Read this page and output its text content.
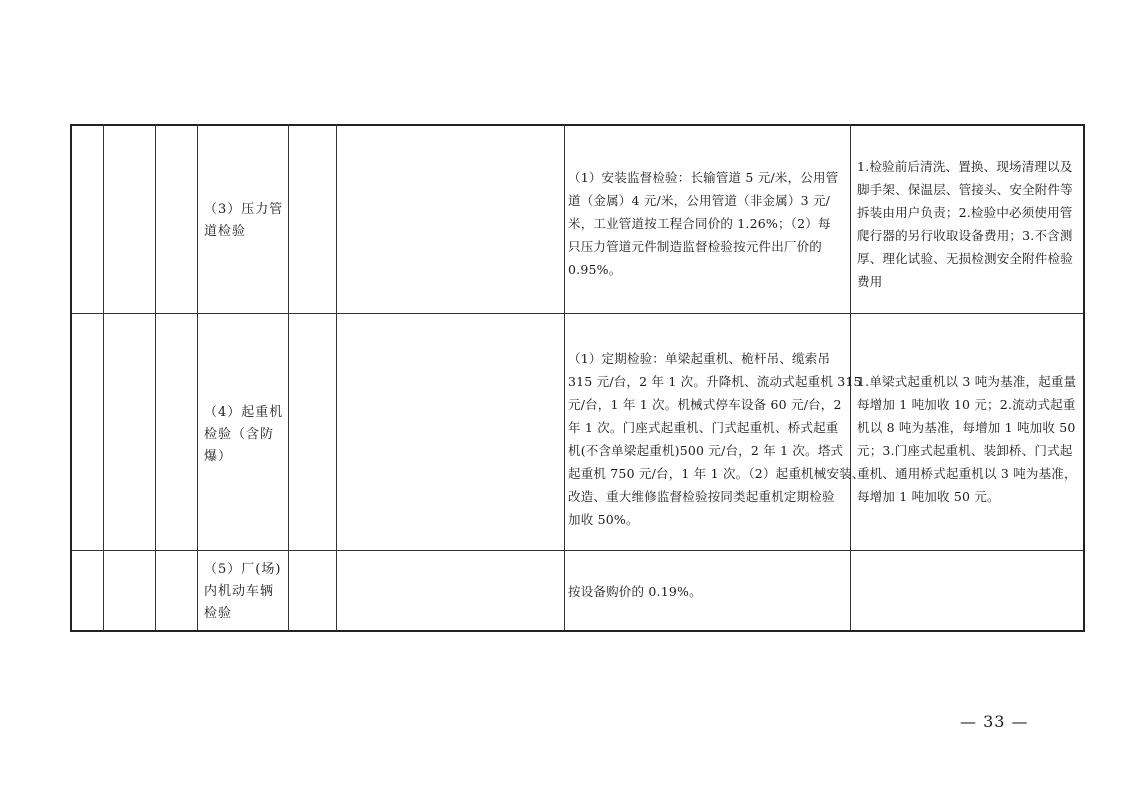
（3）压力管
道检验
（1）安装监督检验：长输管道 5 元/米，公用管
道（金属）4 元/米，公用管道（非金属）3 元/
米，工业管道按工程合同价的 1.26%；（2）每
只压力管道元件制造监督检验按元件出厂价的
0.95%。
1.检验前后清洗、置换、现场清理以及
脚手架、保温层、管接头、安全附件等
拆装由用户负责；2.检验中必须使用管
爬行器的另行收取设备费用；3.不含测
厚、理化试验、无损检测安全附件检验
费用
（4）起重机
检验（含防
爆）
（1）定期检验：单梁起重机、桅杆吊、缆索吊
315 元/台，2 年 1 次。升降机、流动式起重机 315
元/台，1 年 1 次。机械式停车设备 60 元/台，2
年 1 次。门座式起重机、门式起重机、桥式起重
机(不含单梁起重机)500 元/台，2 年 1 次。塔式
起重机 750 元/台，1 年 1 次。（2）起重机械安装、
改造、重大维修监督检验按同类起重机定期检验
加收 50%。
1.单梁式起重机以 3 吨为基准，起重量
每增加 1 吨加收 10 元；2.流动式起重
机以 8 吨为基准，每增加 1 吨加收 50
元；3.门座式起重机、装卸桥、门式起
重机、通用桥式起重机以 3 吨为基准，
每增加 1 吨加收 50 元。
（5）厂(场)
内机动车辆
检验
按设备购价的 0.19%。
— 33 —
